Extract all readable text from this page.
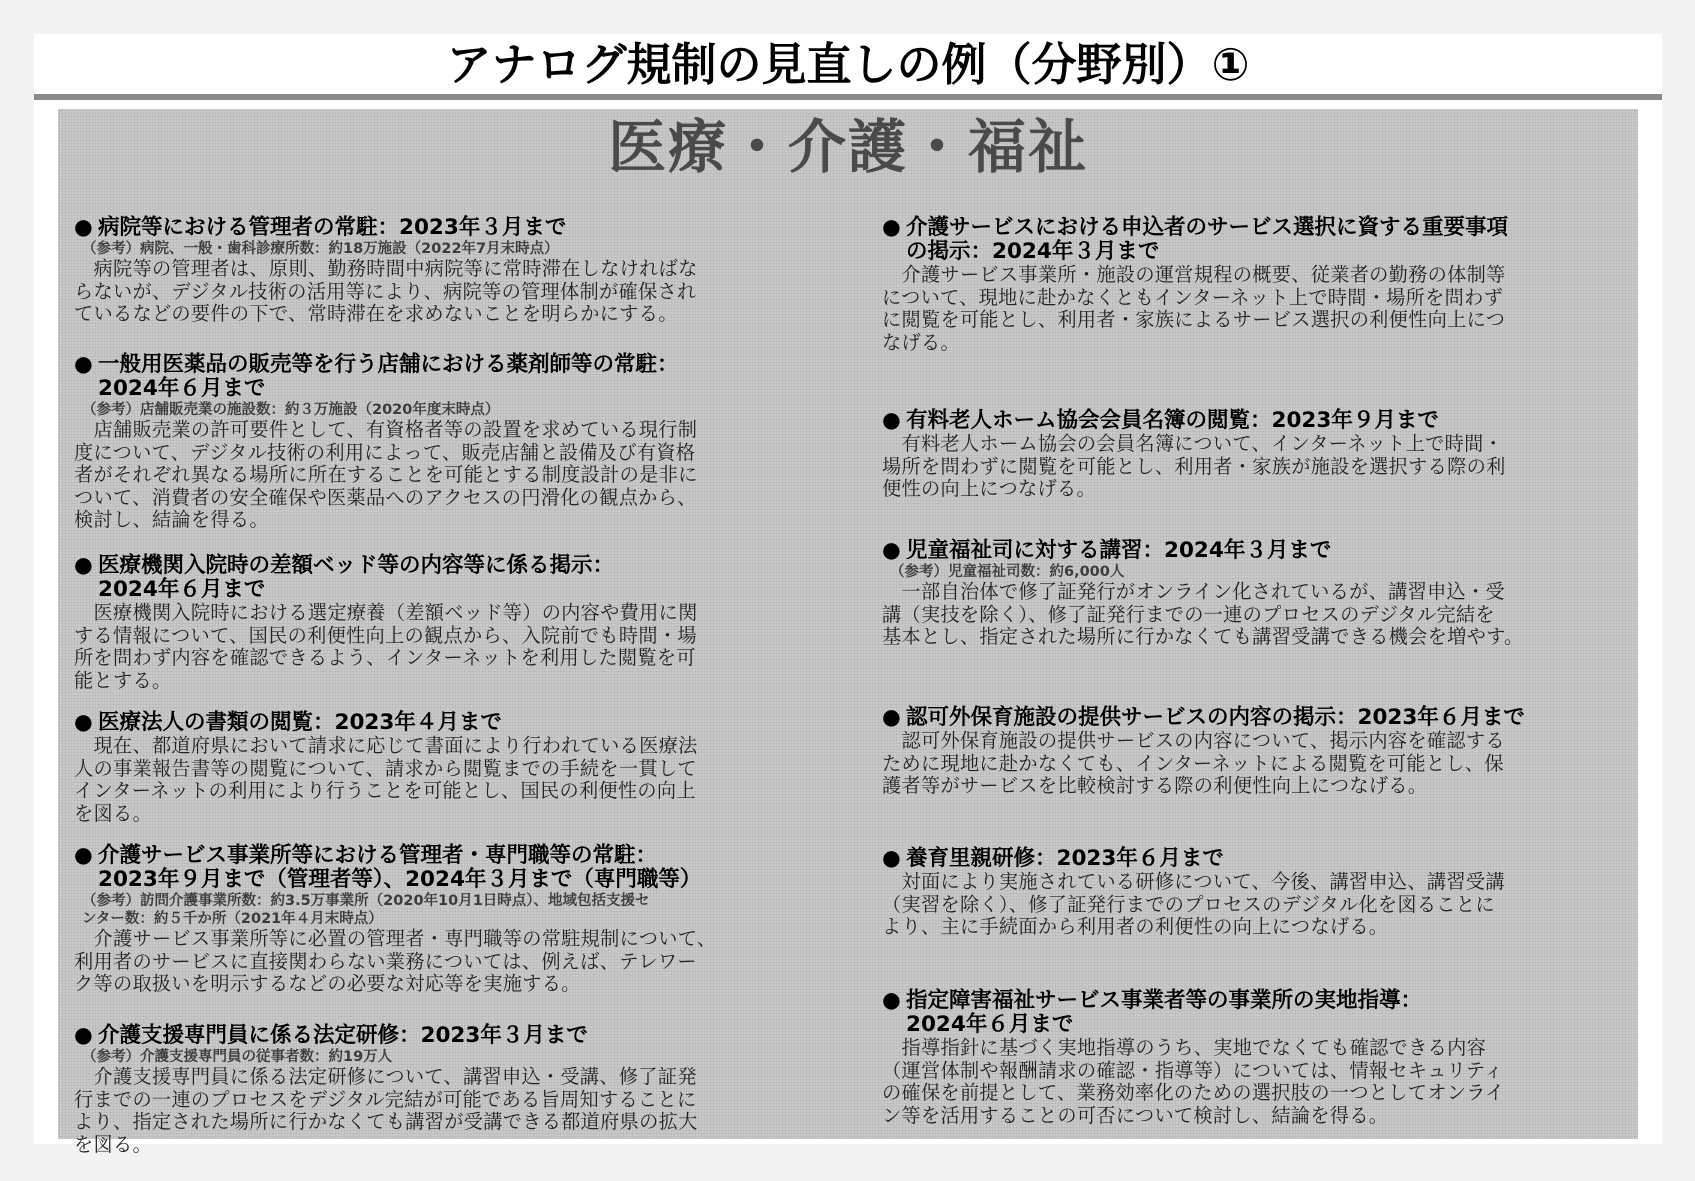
アナログ規制の見直しの例（分野別）①
医療・介護・福祉
● 病院等における管理者の常駐：2023年３月まで
（参考）病院、一般・歯科診療所数：約18万施設（2022年7月末時点）
　病院等の管理者は、原則、勤務時間中病院等に常時滞在しなければな
らないが、デジタル技術の活用等により、病院等の管理体制が確保され
ているなどの要件の下で、常時滞在を求めないことを明らかにする。
● 一般用医薬品の販売等を行う店舗における薬剤師等の常駐：
2024年６月まで
（参考）店舗販売業の施設数：約３万施設（2020年度末時点）
　店舗販売業の許可要件として、有資格者等の設置を求めている現行制
度について、デジタル技術の利用によって、販売店舗と設備及び有資格
者がそれぞれ異なる場所に所在することを可能とする制度設計の是非に
ついて、消費者の安全確保や医薬品へのアクセスの円滑化の観点から、
検討し、結論を得る。
● 医療機関入院時の差額ベッド等の内容等に係る掲示：
2024年６月まで
　医療機関入院時における選定療養（差額ベッド等）の内容や費用に関
する情報について、国民の利便性向上の観点から、入院前でも時間・場
所を問わず内容を確認できるよう、インターネットを利用した閲覧を可
能とする。
● 医療法人の書類の閲覧：2023年４月まで
　現在、都道府県において請求に応じて書面により行われている医療法
人の事業報告書等の閲覧について、請求から閲覧までの手続を一貫して
インターネットの利用により行うことを可能とし、国民の利便性の向上
を図る。
● 介護サービス事業所等における管理者・専門職等の常駐：
2023年９月まで（管理者等）、2024年３月まで（専門職等）
（参考）訪問介護事業所数：約3.5万事業所（2020年10月1日時点）、地域包括支援セ
ンター数：約５千か所（2021年４月末時点）
　介護サービス事業所等に必置の管理者・専門職等の常駐規制について、
利用者のサービスに直接関わらない業務については、例えば、テレワー
ク等の取扱いを明示するなどの必要な対応等を実施する。
● 介護支援専門員に係る法定研修：2023年３月まで
（参考）介護支援専門員の従事者数：約19万人
　介護支援専門員に係る法定研修について、講習申込・受講、修了証発
行までの一連のプロセスをデジタル完結が可能である旨周知することに
より、指定された場所に行かなくても講習が受講できる都道府県の拡大
を図る。
● 介護サービスにおける申込者のサービス選択に資する重要事項
の掲示：2024年３月まで
　介護サービス事業所・施設の運営規程の概要、従業者の勤務の体制等
について、現地に赴かなくともインターネット上で時間・場所を問わず
に閲覧を可能とし、利用者・家族によるサービス選択の利便性向上につ
なげる。
● 有料老人ホーム協会会員名簿の閲覧：2023年９月まで
　有料老人ホーム協会の会員名簿について、インターネット上で時間・
場所を問わずに閲覧を可能とし、利用者・家族が施設を選択する際の利
便性の向上につなげる。
● 児童福祉司に対する講習：2024年３月まで
（参考）児童福祉司数：約6,000人
　一部自治体で修了証発行がオンライン化されているが、講習申込・受
講（実技を除く）、修了証発行までの一連のプロセスのデジタル完結を
基本とし、指定された場所に行かなくても講習受講できる機会を増やす。
● 認可外保育施設の提供サービスの内容の掲示：2023年６月まで
　認可外保育施設の提供サービスの内容について、掲示内容を確認する
ために現地に赴かなくても、インターネットによる閲覧を可能とし、保
護者等がサービスを比較検討する際の利便性向上につなげる。
● 養育里親研修：2023年６月まで
　対面により実施されている研修について、今後、講習申込、講習受講
（実習を除く）、修了証発行までのプロセスのデジタル化を図ることに
より、主に手続面から利用者の利便性の向上につなげる。
● 指定障害福祉サービス事業者等の事業所の実地指導：
2024年６月まで
　指導指針に基づく実地指導のうち、実地でなくても確認できる内容
（運営体制や報酬請求の確認・指導等）については、情報セキュリティ
の確保を前提として、業務効率化のための選択肢の一つとしてオンライ
ン等を活用することの可否について検討し、結論を得る。
